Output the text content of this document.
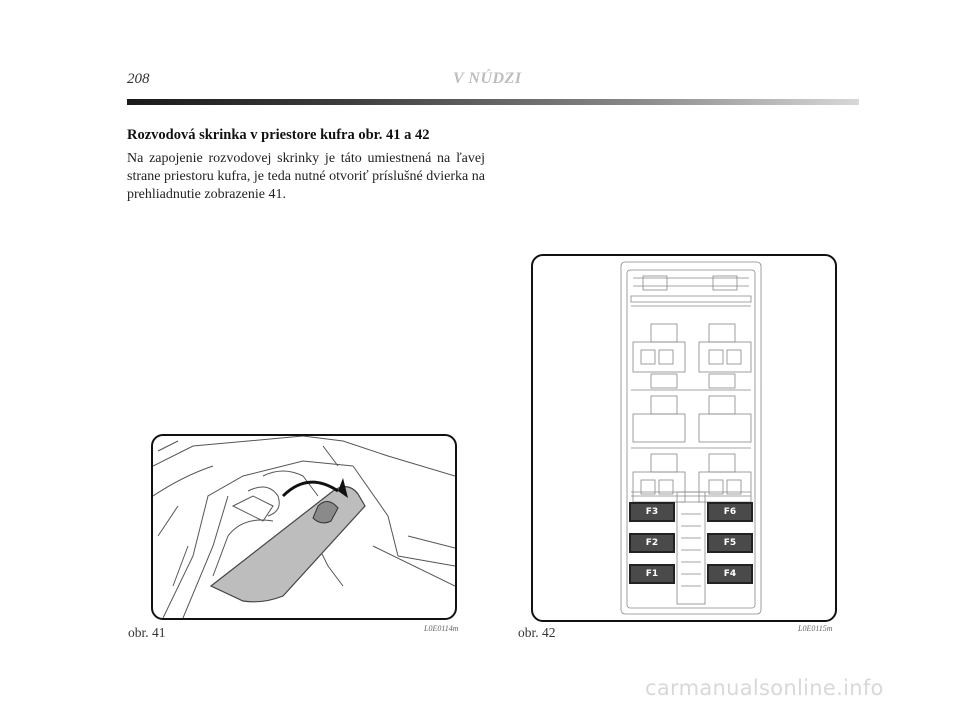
208	V NÚDZI
Rozvodová skrinka v priestore kufra obr. 41 a 42
Na zapojenie rozvodovej skrinky je táto umiestnená na ľavej strane priestoru kufra, je teda nutné otvoriť príslušné dvierka na prehliadnutie zobrazenie 41.
obr. 41	L0E0114m
F3
F2
F1
F6
F5
F4
obr. 42	L0E0115m
carmanualsonline.info
